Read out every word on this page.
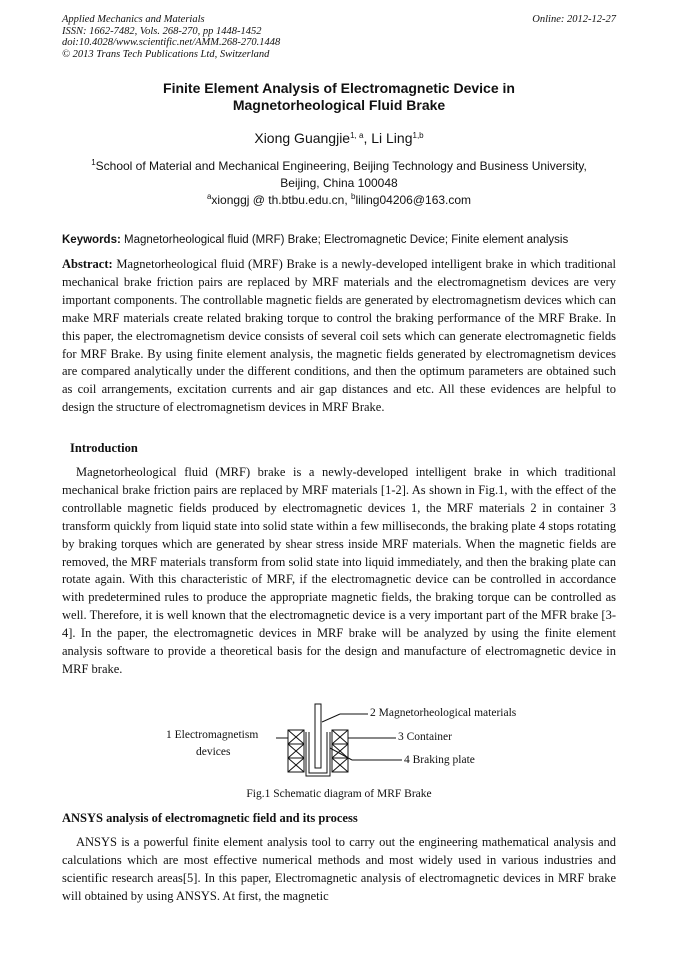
Applied Mechanics and Materials
ISSN: 1662-7482, Vols. 268-270, pp 1448-1452
doi:10.4028/www.scientific.net/AMM.268-270.1448
© 2013 Trans Tech Publications Ltd, Switzerland
Online: 2012-12-27
Finite Element Analysis of Electromagnetic Device in
Magnetorheological Fluid Brake
Xiong Guangjie$^{1, a}$, Li Ling$^{1,b}$
$^1$School of Material and Mechanical Engineering, Beijing Technology and Business University,
Beijing, China 100048
$^a$xionggj @ th.btbu.edu.cn, $^b$liling04206@163.com
Keywords: Magnetorheological fluid (MRF) Brake; Electromagnetic Device; Finite element analysis

Abstract: Magnetorheological fluid (MRF) Brake is a newly-developed intelligent brake in which traditional mechanical brake friction pairs are replaced by MRF materials and the electromagnetism devices are very important components. The controllable magnetic fields are generated by electromagnetism devices which can make MRF materials create related braking torque to control the braking performance of the MRF Brake. In this paper, the electromagnetism device consists of several coil sets which can generate electromagnetic fields for MRF Brake. By using finite element analysis, the magnetic fields generated by electromagnetism devices are compared analytically under the different conditions, and then the optimum parameters are obtained such as coil arrangements, excitation currents and air gap distances and etc. All these evidences are helpful to design the structure of electromagnetism devices in MRF Brake.

Introduction

Magnetorheological fluid (MRF) brake is a newly-developed intelligent brake in which traditional mechanical brake friction pairs are replaced by MRF materials [1-2]. As shown in Fig.1, with the effect of the controllable magnetic fields produced by electromagnetic devices 1, the MRF materials 2 in container 3 transform quickly from liquid state into solid state within a few milliseconds, the braking plate 4 stops rotating by braking torques which are generated by shear stress inside MRF materials. When the magnetic fields are removed, the MRF materials transform from solid state into liquid immediately, and then the braking plate can rotate again. With this characteristic of MRF, if the electromagnetic device can be controlled in accordance with predetermined rules to produce the appropriate magnetic fields, the braking torque can be controlled as well. Therefore, it is well known that the electromagnetic device is a very important part of the MFR brake [3-4]. In the paper, the electromagnetic devices in MRF brake will be analyzed by using the finite element analysis software to provide a theoretical basis for the design and manufacture of electromagnetic device in MRF brake.

1 Electromagnetism
devices
2 Magnetorheological materials
3 Container
4 Braking plate
Fig.1 Schematic diagram of MRF Brake
ANSYS analysis of electromagnetic field and its process

ANSYS is a powerful finite element analysis tool to carry out the engineering mathematical analysis and calculations which are most effective numerical methods and most widely used in various industries and scientific research areas[5]. In this paper, Electromagnetic analysis of electromagnetic devices in MRF brake will obtained by using ANSYS. At first, the magnetic
